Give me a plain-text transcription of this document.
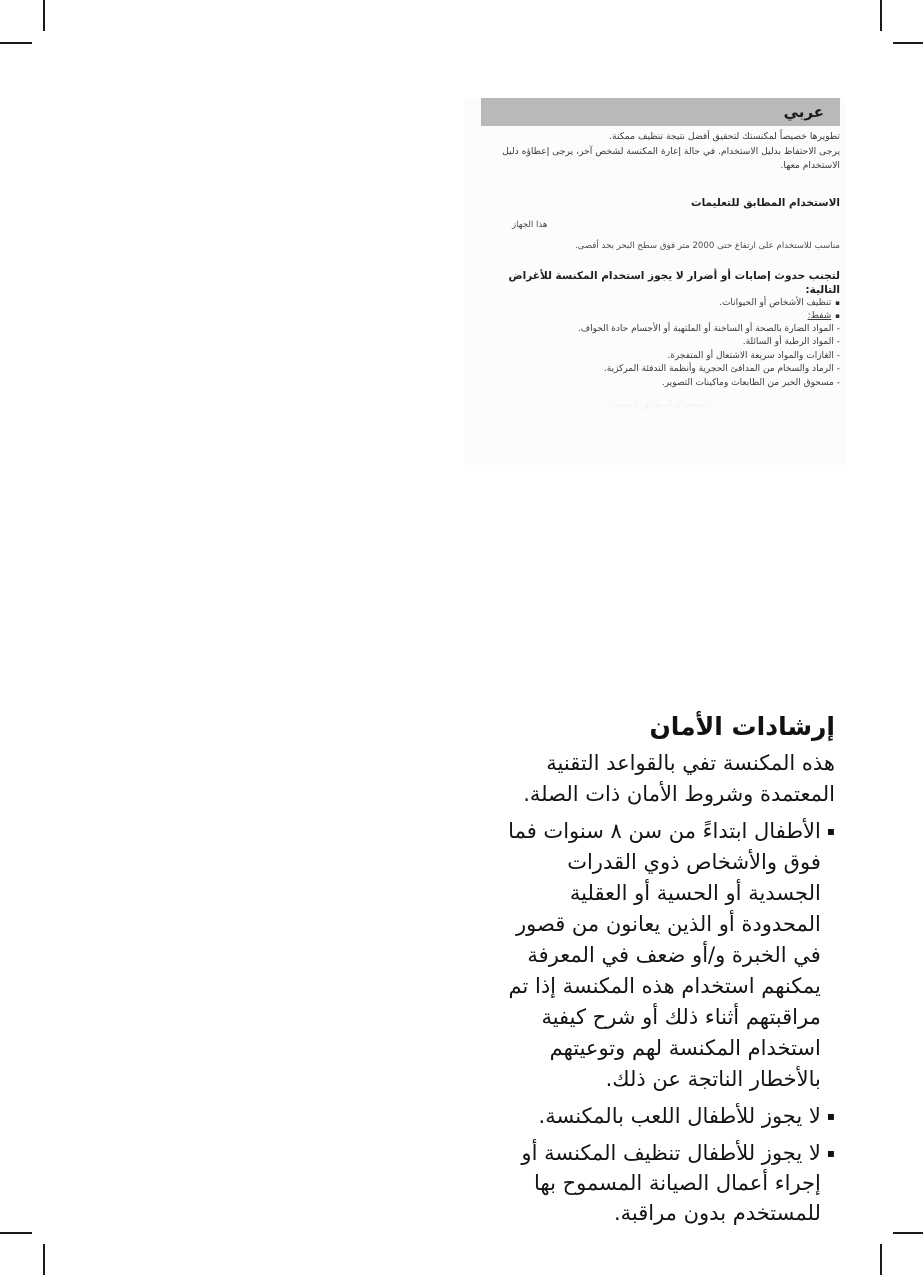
عربي

تطويرها خصيصاً لمكنستك لتحقيق أفضل نتيجة تنظيف ممكنة.

يرجى الاحتفاظ بدليل الاستخدام. في حالة إعارة المكنسة لشخص آخر، يرجى إعطاؤه دليل

الاستخدام معها.

الاستخدام المطابق للتعليمات

هذا الجهاز

مناسب للاستخدام على ارتفاع حتى 2000 متر فوق سطح البحر بحد أقصى.

لتجنب حدوث إصابات أو أضرار لا يجوز استخدام المكنسة للأغراض التالية:

▪
تنظيف الأشخاص أو الحيوانات.
▪
شفط:

- المواد الضارة بالصحة أو الساخنة أو الملتهبة أو الأجسام حادة الحواف.

- المواد الرطبة أو السائلة.

- الغازات والمواد سريعة الاشتعال أو المتفجرة.

- الرماد والسخام من المدافئ الحجرية وأنظمة التدفئة المركزية.

- مسحوق الحبر من الطابعات وماكينات التصوير.

الاستخدام المطابق للتعليمات

إرشادات الأمان

هذه المكنسة تفي بالقواعد التقنية المعتمدة وشروط الأمان ذات الصلة.

▪
الأطفال ابتداءً من سن ٨ سنوات فما فوق والأشخاص ذوي القدرات الجسدية أو الحسية أو العقلية المحدودة أو الذين يعانون من قصور في الخبرة و/أو ضعف في المعرفة يمكنهم استخدام هذه المكنسة إذا تم مراقبتهم أثناء ذلك أو شرح كيفية استخدام المكنسة لهم وتوعيتهم بالأخطار الناتجة عن ذلك.
▪
لا يجوز للأطفال اللعب بالمكنسة.
▪
لا يجوز للأطفال تنظيف المكنسة أو إجراء أعمال الصيانة المسموح بها للمستخدم بدون مراقبة.
